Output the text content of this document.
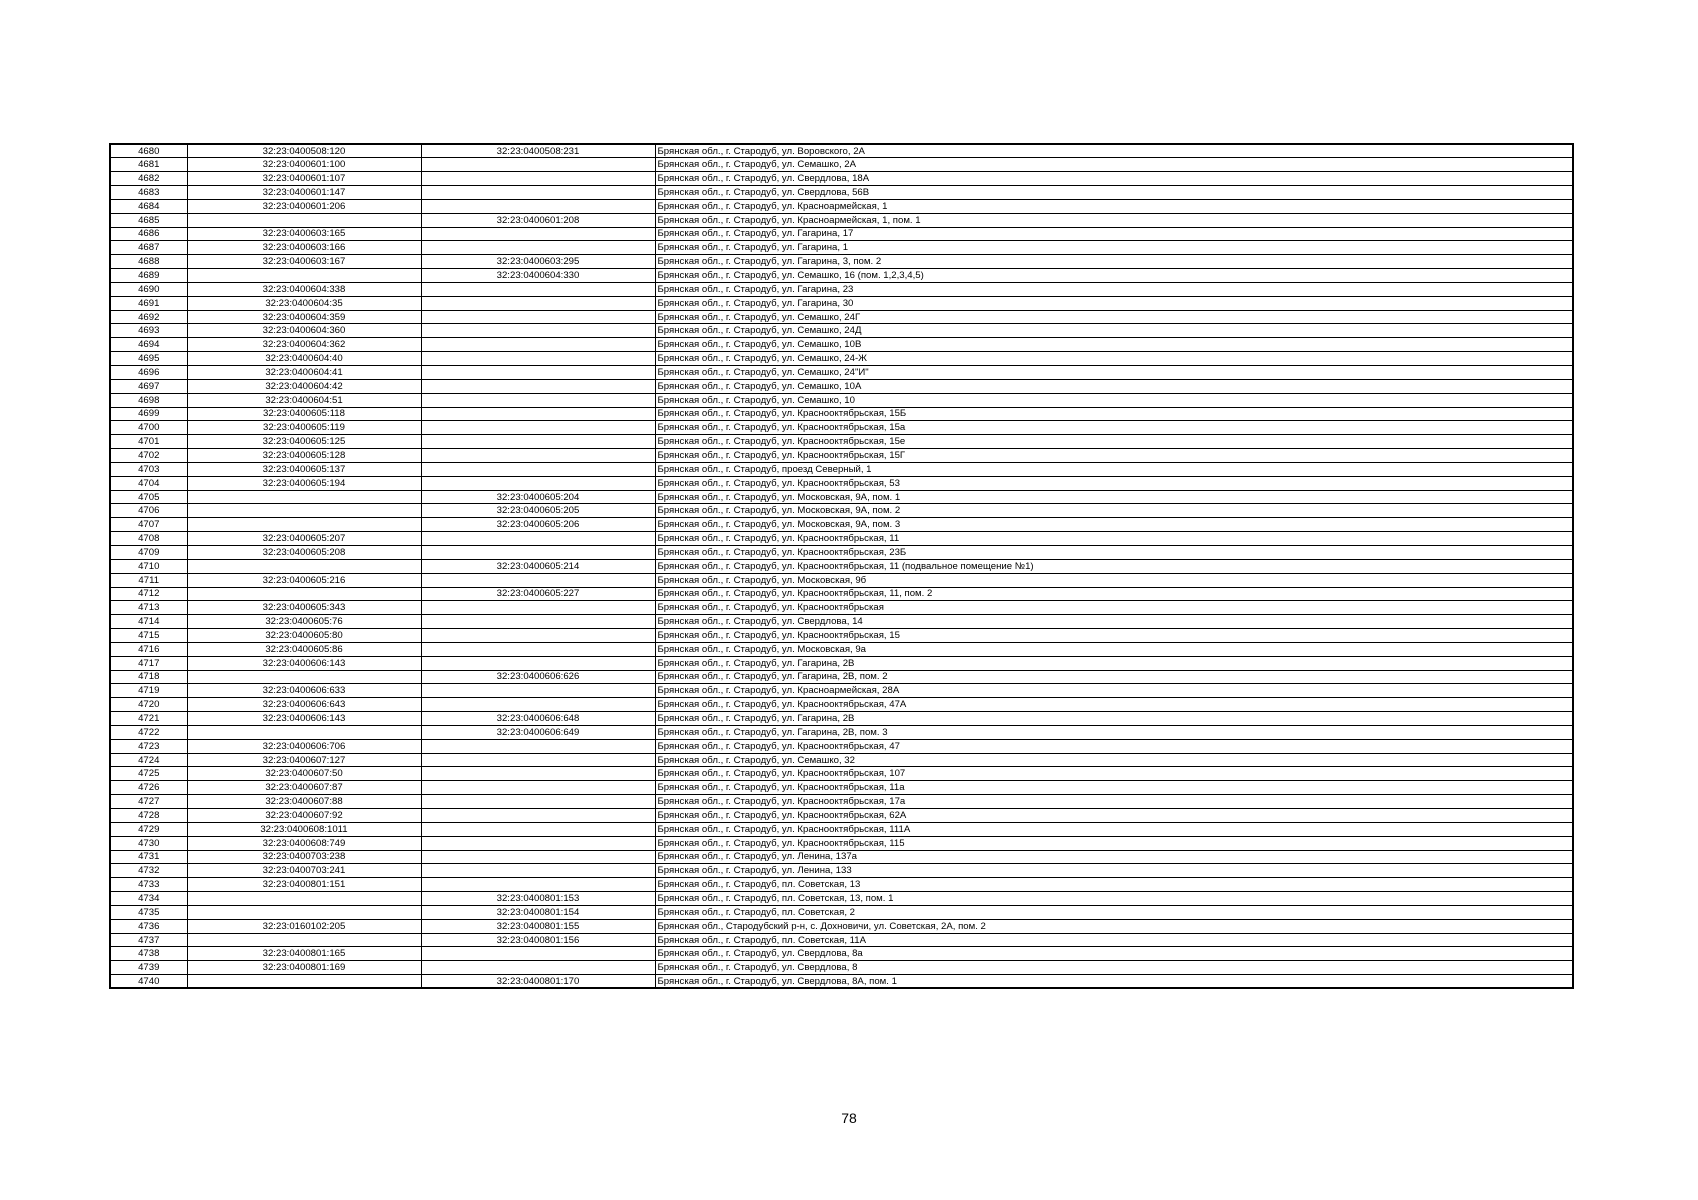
4680	32:23:0400508:120	32:23:0400508:231	Брянская обл., г. Стародуб, ул. Воровского, 2А
4681	32:23:0400601:100		Брянская обл., г. Стародуб, ул. Семашко, 2А
4682	32:23:0400601:107		Брянская обл., г. Стародуб, ул. Свердлова, 18А
4683	32:23:0400601:147		Брянская обл., г. Стародуб, ул. Свердлова, 56В
4684	32:23:0400601:206		Брянская обл., г. Стародуб, ул. Красноармейская, 1
4685		32:23:0400601:208	Брянская обл., г. Стародуб, ул. Красноармейская, 1, пом. 1
4686	32:23:0400603:165		Брянская обл., г. Стародуб, ул. Гагарина, 17
4687	32:23:0400603:166		Брянская обл., г. Стародуб, ул. Гагарина, 1
4688	32:23:0400603:167	32:23:0400603:295	Брянская обл., г. Стародуб, ул. Гагарина, 3, пом. 2
4689		32:23:0400604:330	Брянская обл., г. Стародуб, ул. Семашко, 16 (пом. 1,2,3,4,5)
4690	32:23:0400604:338		Брянская обл., г. Стародуб, ул. Гагарина, 23
4691	32:23:0400604:35		Брянская обл., г. Стародуб, ул. Гагарина, 30
4692	32:23:0400604:359		Брянская обл., г. Стародуб, ул. Семашко, 24Г
4693	32:23:0400604:360		Брянская обл., г. Стародуб, ул. Семашко, 24Д
4694	32:23:0400604:362		Брянская обл., г. Стародуб, ул. Семашко, 10В
4695	32:23:0400604:40		Брянская обл., г. Стародуб, ул. Семашко, 24-Ж
4696	32:23:0400604:41		Брянская обл., г. Стародуб, ул. Семашко, 24"И"
4697	32:23:0400604:42		Брянская обл., г. Стародуб, ул. Семашко, 10А
4698	32:23:0400604:51		Брянская обл., г. Стародуб, ул. Семашко, 10
4699	32:23:0400605:118		Брянская обл., г. Стародуб, ул. Краснооктябрьская, 15Б
4700	32:23:0400605:119		Брянская обл., г. Стародуб, ул. Краснооктябрьская, 15а
4701	32:23:0400605:125		Брянская обл., г. Стародуб, ул. Краснооктябрьская, 15е
4702	32:23:0400605:128		Брянская обл., г. Стародуб, ул. Краснооктябрьская, 15Г
4703	32:23:0400605:137		Брянская обл., г. Стародуб, проезд Северный, 1
4704	32:23:0400605:194		Брянская обл., г. Стародуб, ул. Краснооктябрьская, 53
4705		32:23:0400605:204	Брянская обл., г. Стародуб, ул. Московская, 9А, пом. 1
4706		32:23:0400605:205	Брянская обл., г. Стародуб, ул. Московская, 9А, пом. 2
4707		32:23:0400605:206	Брянская обл., г. Стародуб, ул. Московская, 9А, пом. 3
4708	32:23:0400605:207		Брянская обл., г. Стародуб, ул. Краснооктябрьская, 11
4709	32:23:0400605:208		Брянская обл., г. Стародуб, ул. Краснооктябрьская, 23Б
4710		32:23:0400605:214	Брянская обл., г. Стародуб, ул. Краснооктябрьская, 11 (подвальное помещение №1)
4711	32:23:0400605:216		Брянская обл., г. Стародуб, ул. Московская, 9б
4712		32:23:0400605:227	Брянская обл., г. Стародуб, ул. Краснооктябрьская, 11, пом. 2
4713	32:23:0400605:343		Брянская обл., г. Стародуб, ул. Краснооктябрьская
4714	32:23:0400605:76		Брянская обл., г. Стародуб, ул. Свердлова, 14
4715	32:23:0400605:80		Брянская обл., г. Стародуб, ул. Краснооктябрьская, 15
4716	32:23:0400605:86		Брянская обл., г. Стародуб, ул. Московская, 9а
4717	32:23:0400606:143		Брянская обл., г. Стародуб, ул. Гагарина, 2В
4718		32:23:0400606:626	Брянская обл., г. Стародуб, ул. Гагарина, 2В, пом. 2
4719	32:23:0400606:633		Брянская обл., г. Стародуб, ул. Красноармейская, 28А
4720	32:23:0400606:643		Брянская обл., г. Стародуб, ул. Краснооктябрьская, 47А
4721	32:23:0400606:143	32:23:0400606:648	Брянская обл., г. Стародуб, ул. Гагарина, 2В
4722		32:23:0400606:649	Брянская обл., г. Стародуб, ул. Гагарина, 2В, пом. 3
4723	32:23:0400606:706		Брянская обл., г. Стародуб, ул. Краснооктябрьская, 47
4724	32:23:0400607:127		Брянская обл., г. Стародуб, ул. Семашко, 32
4725	32:23:0400607:50		Брянская обл., г. Стародуб, ул. Краснооктябрьская, 107
4726	32:23:0400607:87		Брянская обл., г. Стародуб, ул. Краснооктябрьская, 11а
4727	32:23:0400607:88		Брянская обл., г. Стародуб, ул. Краснооктябрьская, 17а
4728	32:23:0400607:92		Брянская обл., г. Стародуб, ул. Краснооктябрьская, 62А
4729	32:23:0400608:1011		Брянская обл., г. Стародуб, ул. Краснооктябрьская, 111А
4730	32:23:0400608:749		Брянская обл., г. Стародуб, ул. Краснооктябрьская, 115
4731	32:23:0400703:238		Брянская обл., г. Стародуб, ул. Ленина, 137а
4732	32:23:0400703:241		Брянская обл., г. Стародуб, ул. Ленина, 133
4733	32:23:0400801:151		Брянская обл., г. Стародуб, пл. Советская, 13
4734		32:23:0400801:153	Брянская обл., г. Стародуб, пл. Советская, 13, пом. 1
4735		32:23:0400801:154	Брянская обл., г. Стародуб, пл. Советская, 2
4736	32:23:0160102:205	32:23:0400801:155	Брянская обл., Стародубский р-н, с. Дохновичи, ул. Советская, 2А, пом. 2
4737		32:23:0400801:156	Брянская обл., г. Стародуб, пл. Советская, 11А
4738	32:23:0400801:165		Брянская обл., г. Стародуб, ул. Свердлова, 8а
4739	32:23:0400801:169		Брянская обл., г. Стародуб, ул. Свердлова, 8
4740		32:23:0400801:170	Брянская обл., г. Стародуб, ул. Свердлова, 8А, пом. 1
78
